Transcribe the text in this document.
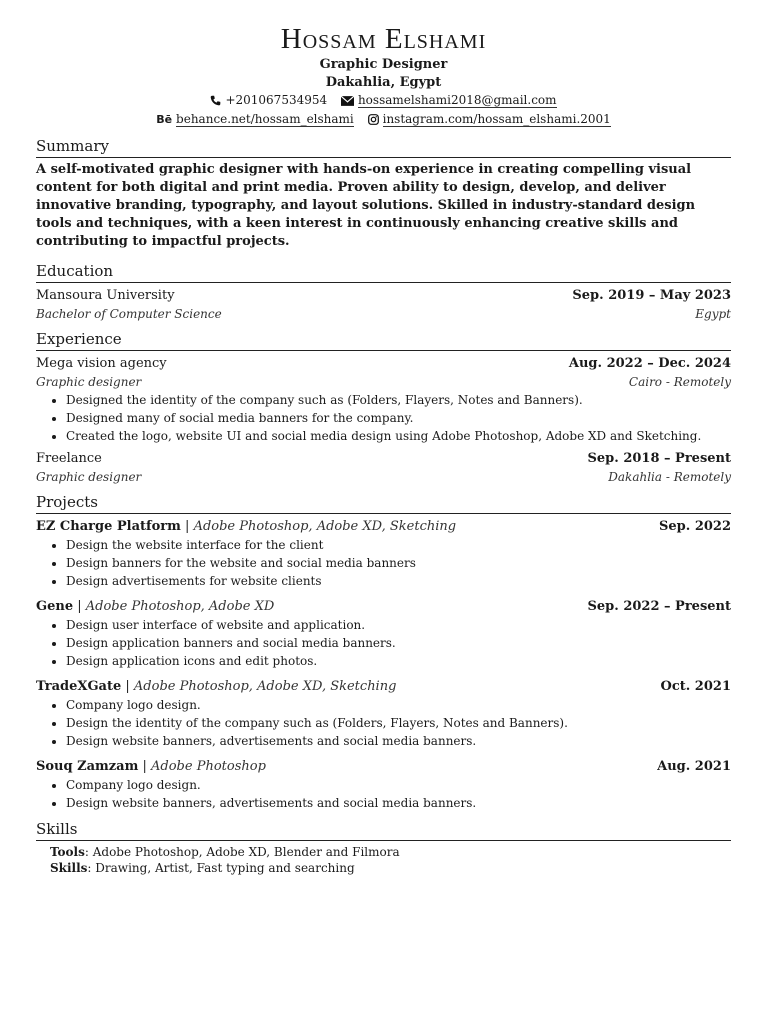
Hossam Elshami
Graphic Designer
Dakahlia, Egypt
+201067534954	hossamelshami2018@gmail.com
Bē behance.net/hossam_elshami instagram.com/hossam_elshami.2001
Summary
A self-motivated graphic designer with hands-on experience in creating compelling visual content for both digital and print media. Proven ability to design, develop, and deliver innovative branding, typography, and layout solutions. Skilled in industry-standard design tools and techniques, with a keen interest in continuously enhancing creative skills and contributing to impactful projects.
Education
Mansoura University	Sep. 2019 – May 2023
Bachelor of Computer Science	Egypt
Experience
Mega vision agency	Aug. 2022 – Dec. 2024
Graphic designer	Cairo - Remotely
• Designed the identity of the company such as (Folders, Flayers, Notes and Banners).
• Designed many of social media banners for the company.
• Created the logo, website UI and social media design using Adobe Photoshop, Adobe XD and Sketching.
Freelance	Sep. 2018 – Present
Graphic designer	Dakahlia - Remotely
Projects
EZ Charge Platform | Adobe Photoshop, Adobe XD, Sketching	Sep. 2022
• Design the website interface for the client
• Design banners for the website and social media banners
• Design advertisements for website clients
Gene | Adobe Photoshop, Adobe XD	Sep. 2022 – Present
• Design user interface of website and application.
• Design application banners and social media banners.
• Design application icons and edit photos.
TradeXGate | Adobe Photoshop, Adobe XD, Sketching	Oct. 2021
• Company logo design.
• Design the identity of the company such as (Folders, Flayers, Notes and Banners).
• Design website banners, advertisements and social media banners.
Souq Zamzam | Adobe Photoshop	Aug. 2021
• Company logo design.
• Design website banners, advertisements and social media banners.
Skills
Tools: Adobe Photoshop, Adobe XD, Blender and Filmora
Skills: Drawing, Artist, Fast typing and searching
